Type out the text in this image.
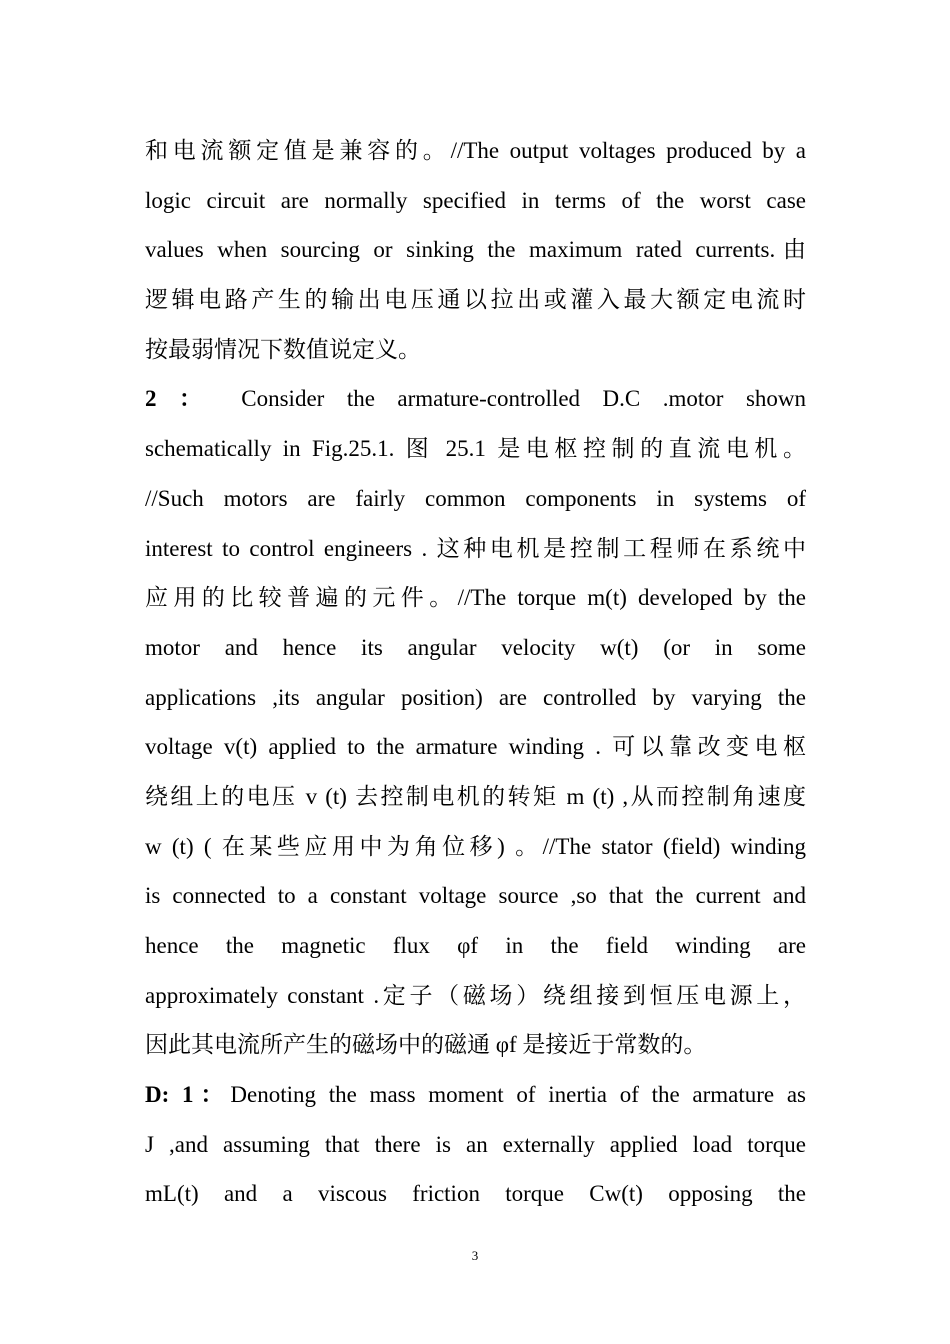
和电流额定值是兼容的。//The output voltages produced by a
logic circuit are normally specified in terms of the worst case
values when sourcing or sinking the maximum rated currents.由
逻辑电路产生的输出电压通以拉出或灌入最大额定电流时
按最弱情况下数值说定义。
2 ： Consider the armature-controlled D.C .motor shown
schematically in Fig.25.1. 图 25.1 是电枢控制的直流电机。
//Such motors are fairly common components in systems of
interest to control engineers . 这种电机是控制工程师在系统中
应用的比较普遍的元件。//The torque m(t) developed by the
motor and hence its angular velocity w(t) (or in some
applications ,its angular position) are controlled by varying the
voltage v(t) applied to the armature winding . 可以靠改变电枢
绕组上的电压 v (t) 去控制电机的转矩 m (t) ,从而控制角速度
w (t) ( 在某些应用中为角位移) 。//The stator (field) winding
is connected to a constant voltage source ,so that the current and
hence the magnetic flux φf in the field winding are
approximately constant .定子（磁场）绕组接到恒压电源上，
因此其电流所产生的磁场中的磁通 φf 是接近于常数的。
D: 1：Denoting the mass moment of inertia of the armature as
J ,and assuming that there is an externally applied load torque
mL(t) and a viscous friction torque Cw(t) opposing the
3
